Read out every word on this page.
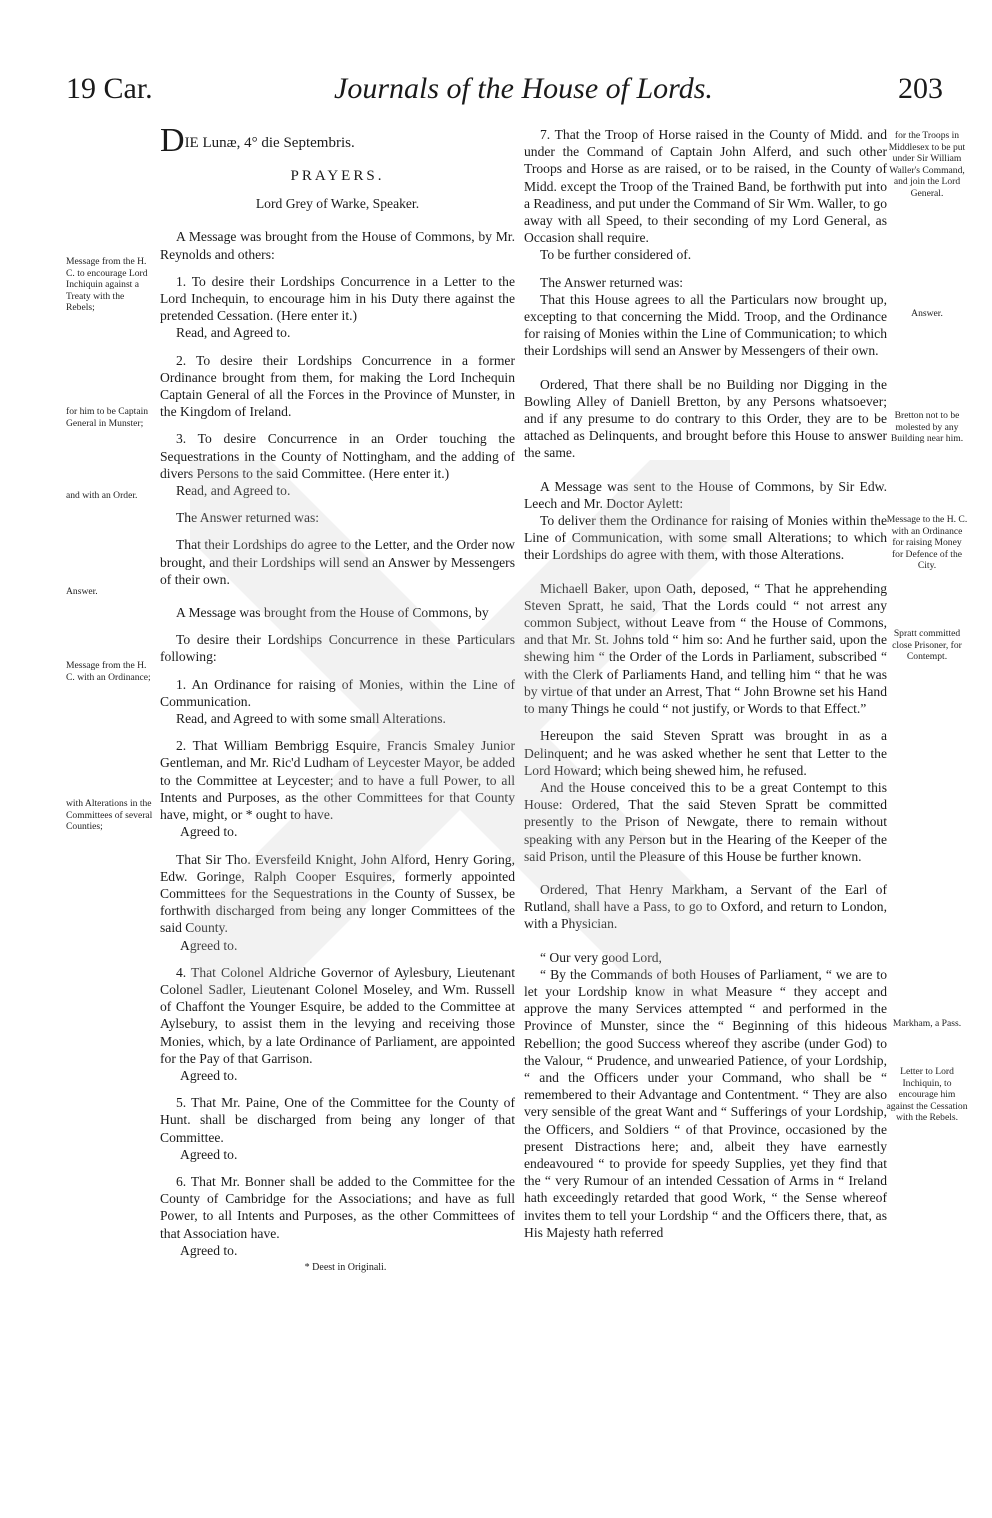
19 Car.	Journals of the House of Lords.	203

DIE Lunæ, 4° die Septembris.

PRAYERS.

Lord Grey of Warke, Speaker.

A Message was brought from the House of Commons, by Mr. Reynolds and others:

1. To desire their Lordships Concurrence in a Letter to the Lord Inchequin, to encourage him in his Duty there against the pretended Cessation. (Here enter it.)

Read, and Agreed to.

2. To desire their Lordships Concurrence in a former Ordinance brought from them, for making the Lord Inchequin Captain General of all the Forces in the Province of Munster, in the Kingdom of Ireland.

3. To desire Concurrence in an Order touching the Sequestrations in the County of Nottingham, and the adding of divers Persons to the said Committee. (Here enter it.)

Read, and Agreed to.

The Answer returned was:

That their Lordships do agree to the Letter, and the Order now brought, and their Lordships will send an Answer by Messengers of their own.

A Message was brought from the House of Commons, by

To desire their Lordships Concurrence in these Particulars following:

1. An Ordinance for raising of Monies, within the Line of Communication.

Read, and Agreed to with some small Alterations.

2. That William Bembrigg Esquire, Francis Smaley Junior Gentleman, and Mr. Ric'd Ludham of Leycester Mayor, be added to the Committee at Leycester; and to have a full Power, to all Intents and Purposes, as the other Committees for that County have, might, or * ought to have.

Agreed to.

That Sir Tho. Eversfeild Knight, John Alford, Henry Goring, Edw. Goringe, Ralph Cooper Esquires, formerly appointed Committees for the Sequestrations in the County of Sussex, be forthwith discharged from being any longer Committees of the said County.

Agreed to.

4. That Colonel Aldriche Governor of Aylesbury, Lieutenant Colonel Sadler, Lieutenant Colonel Moseley, and Wm. Russell of Chaffont the Younger Esquire, be added to the Committee at Aylsebury, to assist them in the levying and receiving those Monies, which, by a late Ordinance of Parliament, are appointed for the Pay of that Garrison.

Agreed to.

5. That Mr. Paine, One of the Committee for the County of Hunt. shall be discharged from being any longer of that Committee.

Agreed to.

6. That Mr. Bonner shall be added to the Committee for the County of Cambridge for the Associations; and have as full Power, to all Intents and Purposes, as the other Committees of that Association have.

Agreed to.

* Deest in Originali.

7. That the Troop of Horse raised in the County of Midd. and under the Command of Captain John Alferd, and such other Troops and Horse as are raised, or to be raised, in the County of Midd. except the Troop of the Trained Band, be forthwith put into a Readiness, and put under the Command of Sir Wm. Waller, to go away with all Speed, to their seconding of my Lord General, as Occasion shall require.

To be further considered of.

The Answer returned was:

That this House agrees to all the Particulars now brought up, excepting to that concerning the Midd. Troop, and the Ordinance for raising of Monies within the Line of Communication; to which their Lordships will send an Answer by Messengers of their own.

Ordered, That there shall be no Building nor Digging in the Bowling Alley of Daniell Bretton, by any Persons whatsoever; and if any presume to do contrary to this Order, they are to be attached as Delinquents, and brought before this House to answer the same.

A Message was sent to the House of Commons, by Sir Edw. Leech and Mr. Doctor Aylett:

To deliver them the Ordinance for raising of Monies within the Line of Communication, with some small Alterations; to which their Lordships do agree with them, with those Alterations.

Michaell Baker, upon Oath, deposed, “ That he apprehending Steven Spratt, he said, That the Lords could “ not arrest any common Subject, without Leave from “ the House of Commons, and that Mr. St. Johns told “ him so: And he further said, upon the shewing him “ the Order of the Lords in Parliament, subscribed “ with the Clerk of Parliaments Hand, and telling him “ that he was by virtue of that under an Arrest, That “ John Browne set his Hand to many Things he could “ not justify, or Words to that Effect.”

Hereupon the said Steven Spratt was brought in as a Delinquent; and he was asked whether he sent that Letter to the Lord Howard; which being shewed him, he refused.

And the House conceived this to be a great Contempt to this House: Ordered, That the said Steven Spratt be committed presently to the Prison of Newgate, there to remain without speaking with any Person but in the Hearing of the Keeper of the said Prison, until the Pleasure of this House be further known.

Ordered, That Henry Markham, a Servant of the Earl of Rutland, shall have a Pass, to go to Oxford, and return to London, with a Physician.

“ Our very good Lord,

“ By the Commands of both Houses of Parliament, “ we are to let your Lordship know in what Measure “ they accept and approve the many Services attempted “ and performed in the Province of Munster, since the “ Beginning of this hideous Rebellion; the good Success whereof they ascribe (under God) to the Valour, “ Prudence, and unwearied Patience, of your Lordship, “ and the Officers under your Command, who shall be “ remembered to their Advantage and Contentment. “ They are also very sensible of the great Want and “ Sufferings of your Lordship, the Officers, and Soldiers “ of that Province, occasioned by the present Distractions here; and, albeit they have earnestly endeavoured “ to provide for speedy Supplies, yet they find that the “ very Rumour of an intended Cessation of Arms in “ Ireland hath exceedingly retarded that good Work, “ the Sense whereof invites them to tell your Lordship “ and the Officers there, that, as His Majesty hath referred

Message from the H. C. to encourage Lord Inchiquin against a Treaty with the Rebels;
for him to be Captain General in Munster;
and with an Order.
Answer.
Message from the H. C. with an Ordinance;
with Alterations in the Committees of several Counties;
for the Troops in Middlesex to be put under Sir William Waller's Command, and join the Lord General.
Answer.
Bretton not to be molested by any Building near him.
Message to the H. C. with an Ordinance for raising Money for Defence of the City.
Spratt committed close Prisoner, for Contempt.
Markham, a Pass.
Letter to Lord Inchiquin, to encourage him against the Cessation with the Rebels.
